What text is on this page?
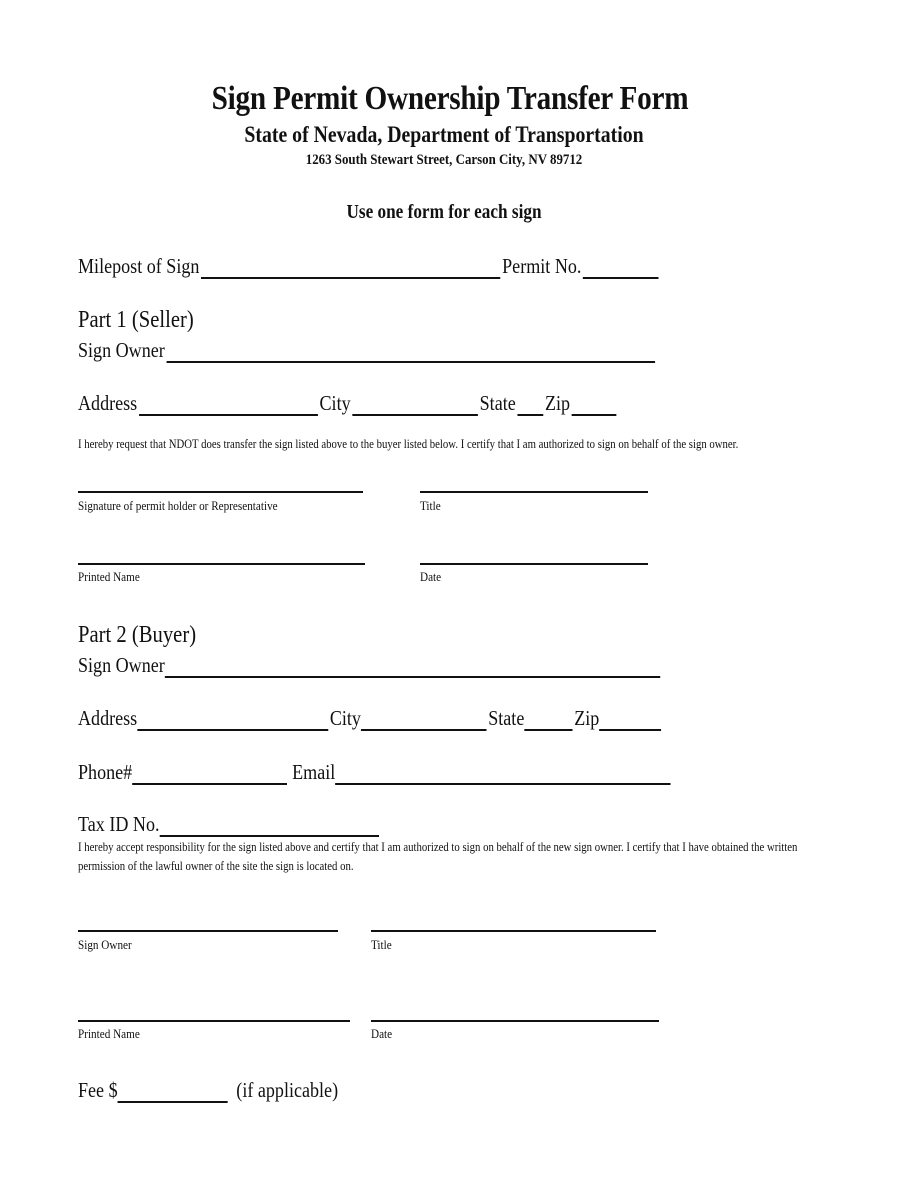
Sign Permit Ownership Transfer Form
State of Nevada, Department of Transportation
1263 South Stewart Street, Carson City, NV 89712
Use one form for each sign
Milepost of Sign	Permit No.
Part 1 (Seller)
Sign Owner
Address	City	State Zip
I hereby request that NDOT does transfer the sign listed above to the buyer listed below. I certify that I am authorized to sign on behalf of the sign owner.
Signature of permit holder or Representative	Title
Printed Name	Date
Part 2 (Buyer)
Sign Owner
Address	City	State Zip
Phone#	Email
Tax ID No.
I hereby accept responsibility for the sign listed above and certify that I am authorized to sign on behalf of the new sign owner. I certify that I have obtained the written
permission of the lawful owner of the site the sign is located on.
Sign Owner	Title
Printed Name	Date
Fee $	(if applicable)
